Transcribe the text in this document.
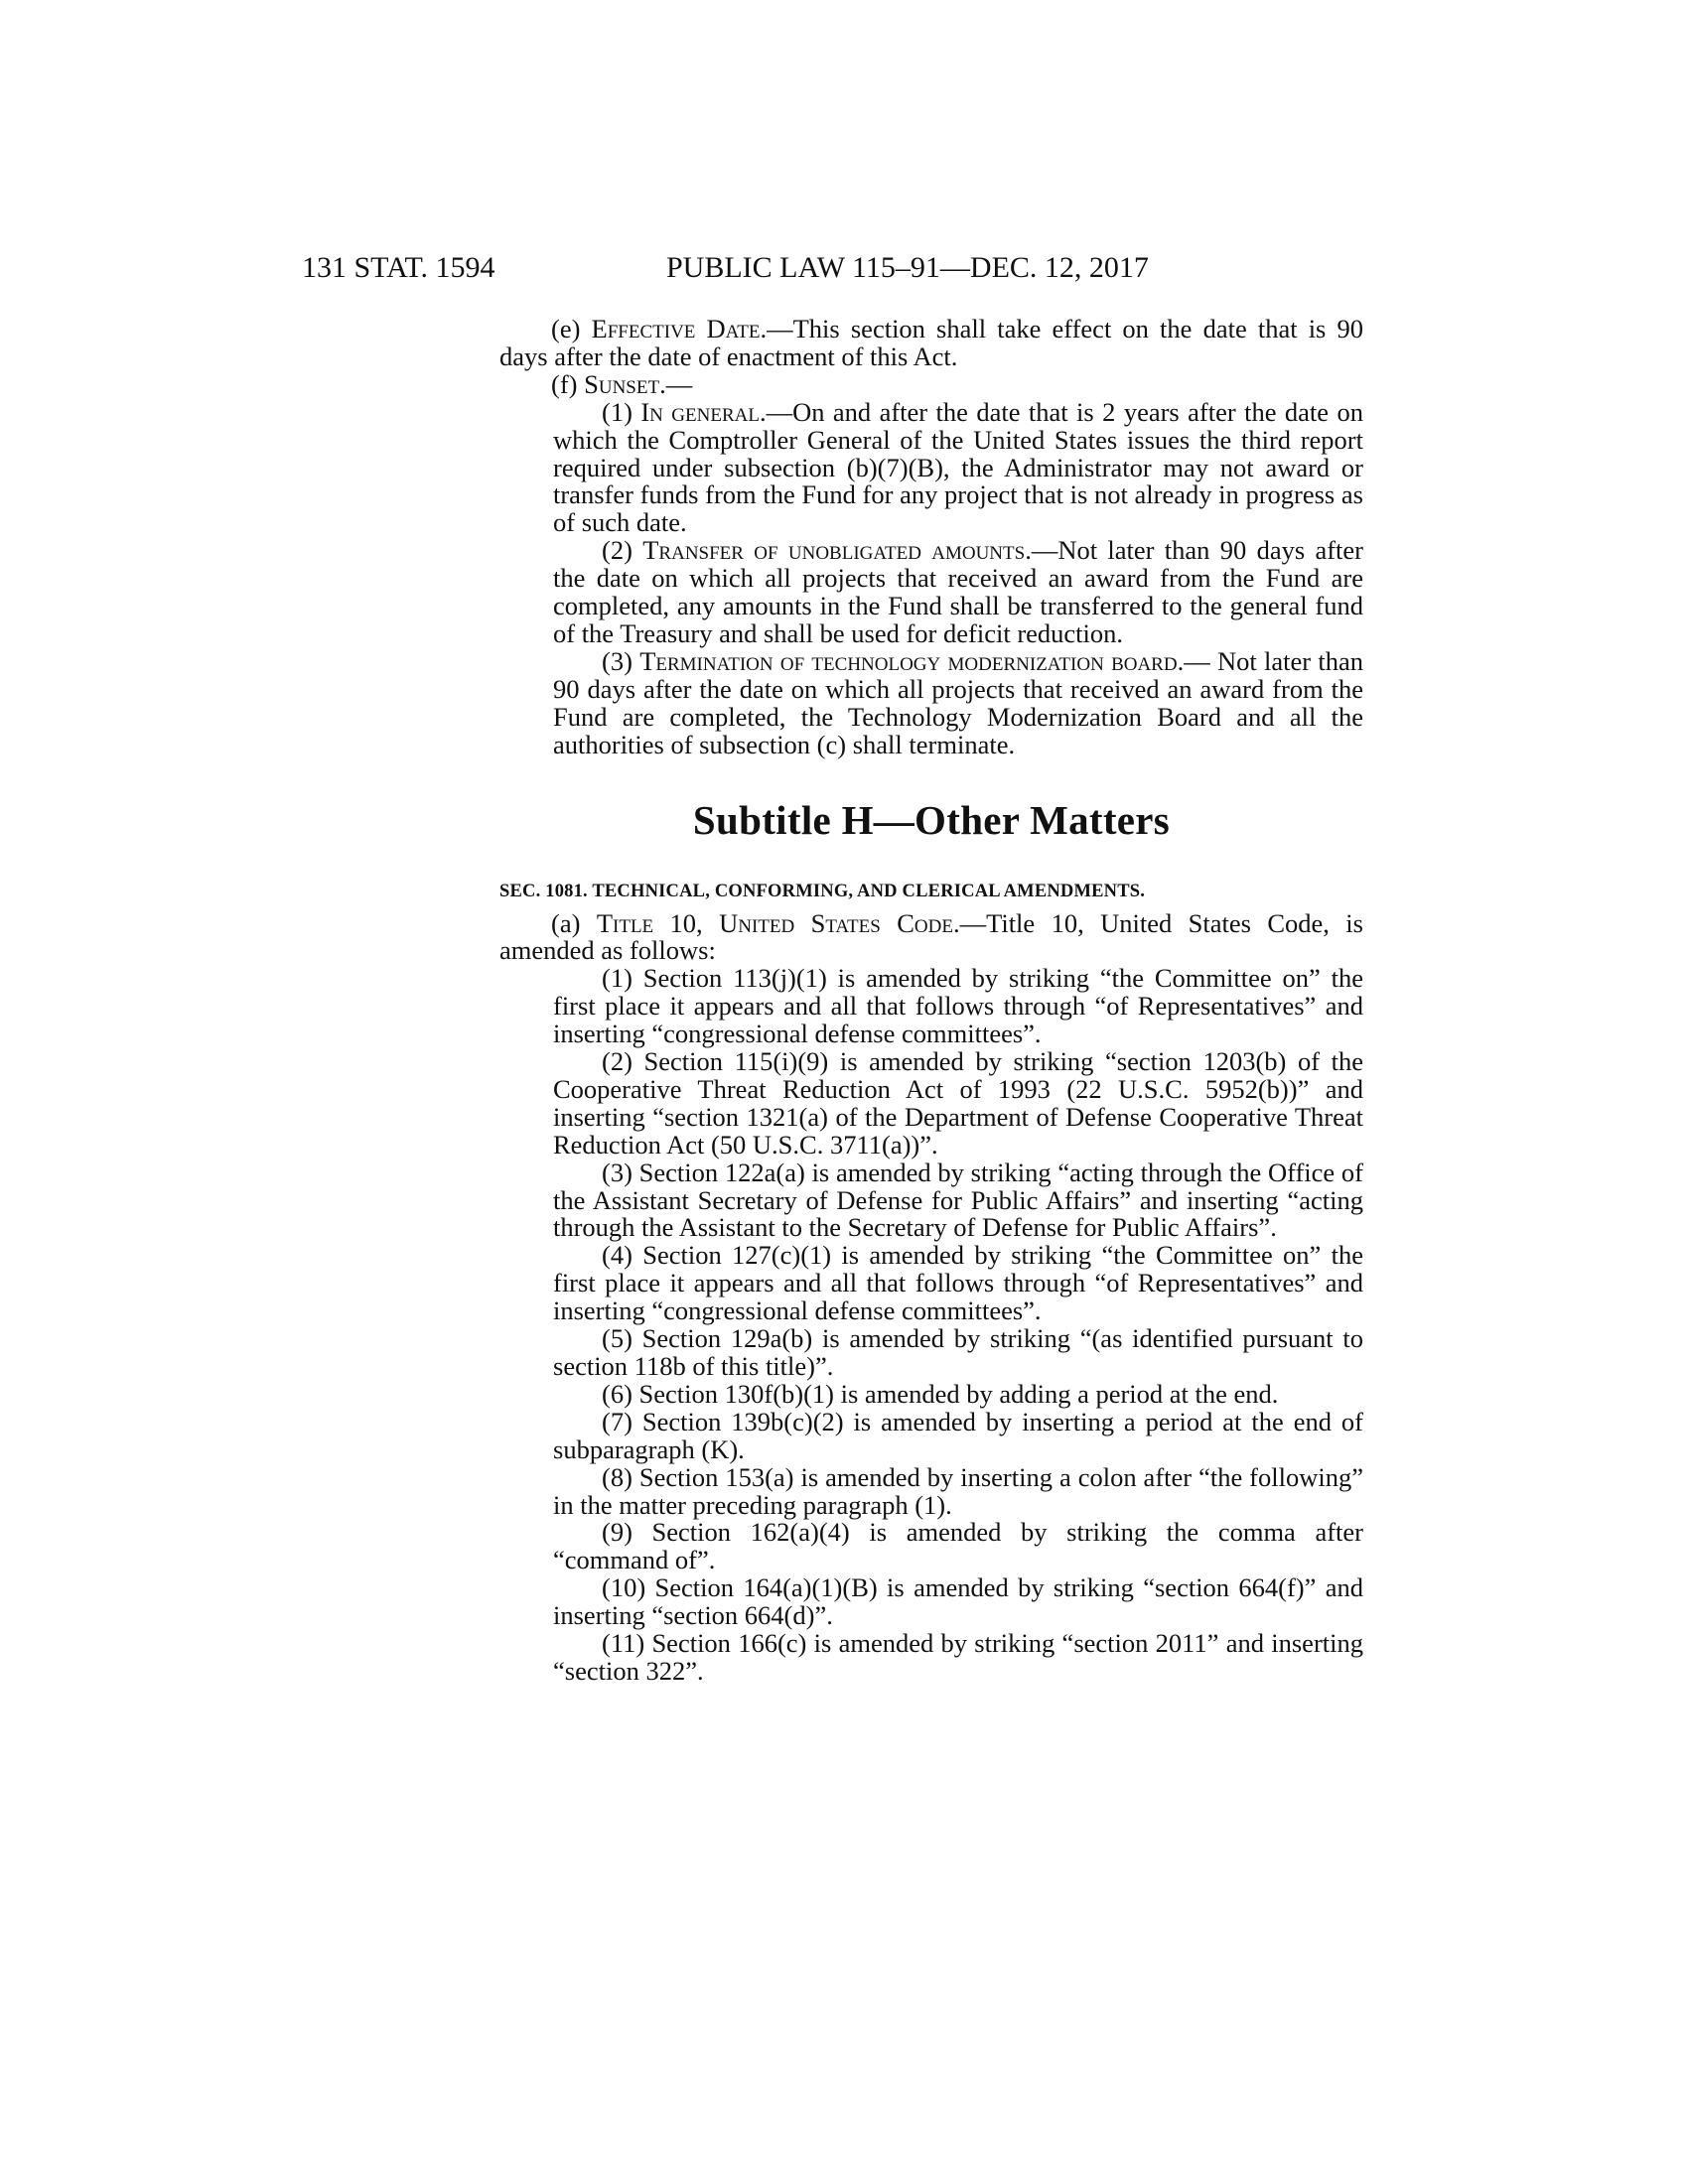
131 STAT. 1594	PUBLIC LAW 115–91—DEC. 12, 2017

(e) Effective Date.—This section shall take effect on the date that is 90 days after the date of enactment of this Act.

(f) Sunset.—

(1) In general.—On and after the date that is 2 years after the date on which the Comptroller General of the United States issues the third report required under subsection (b)(7)(B), the Administrator may not award or transfer funds from the Fund for any project that is not already in progress as of such date.

(2) Transfer of unobligated amounts.—Not later than 90 days after the date on which all projects that received an award from the Fund are completed, any amounts in the Fund shall be transferred to the general fund of the Treasury and shall be used for deficit reduction.

(3) Termination of technology modernization board.— Not later than 90 days after the date on which all projects that received an award from the Fund are completed, the Technology Modernization Board and all the authorities of subsection (c) shall terminate.

Subtitle H—Other Matters
SEC. 1081. TECHNICAL, CONFORMING, AND CLERICAL AMENDMENTS.

(a) Title 10, United States Code.—Title 10, United States Code, is amended as follows:

(1) Section 113(j)(1) is amended by striking “the Committee on” the first place it appears and all that follows through “of Representatives” and inserting “congressional defense committees”.

(2) Section 115(i)(9) is amended by striking “section 1203(b) of the Cooperative Threat Reduction Act of 1993 (22 U.S.C. 5952(b))” and inserting “section 1321(a) of the Department of Defense Cooperative Threat Reduction Act (50 U.S.C. 3711(a))”.

(3) Section 122a(a) is amended by striking “acting through the Office of the Assistant Secretary of Defense for Public Affairs” and inserting “acting through the Assistant to the Secretary of Defense for Public Affairs”.

(4) Section 127(c)(1) is amended by striking “the Committee on” the first place it appears and all that follows through “of Representatives” and inserting “congressional defense committees”.

(5) Section 129a(b) is amended by striking “(as identified pursuant to section 118b of this title)”.

(6) Section 130f(b)(1) is amended by adding a period at the end.

(7) Section 139b(c)(2) is amended by inserting a period at the end of subparagraph (K).

(8) Section 153(a) is amended by inserting a colon after “the following” in the matter preceding paragraph (1).

(9) Section 162(a)(4) is amended by striking the comma after “command of”.

(10) Section 164(a)(1)(B) is amended by striking “section 664(f)” and inserting “section 664(d)”.

(11) Section 166(c) is amended by striking “section 2011” and inserting “section 322”.
